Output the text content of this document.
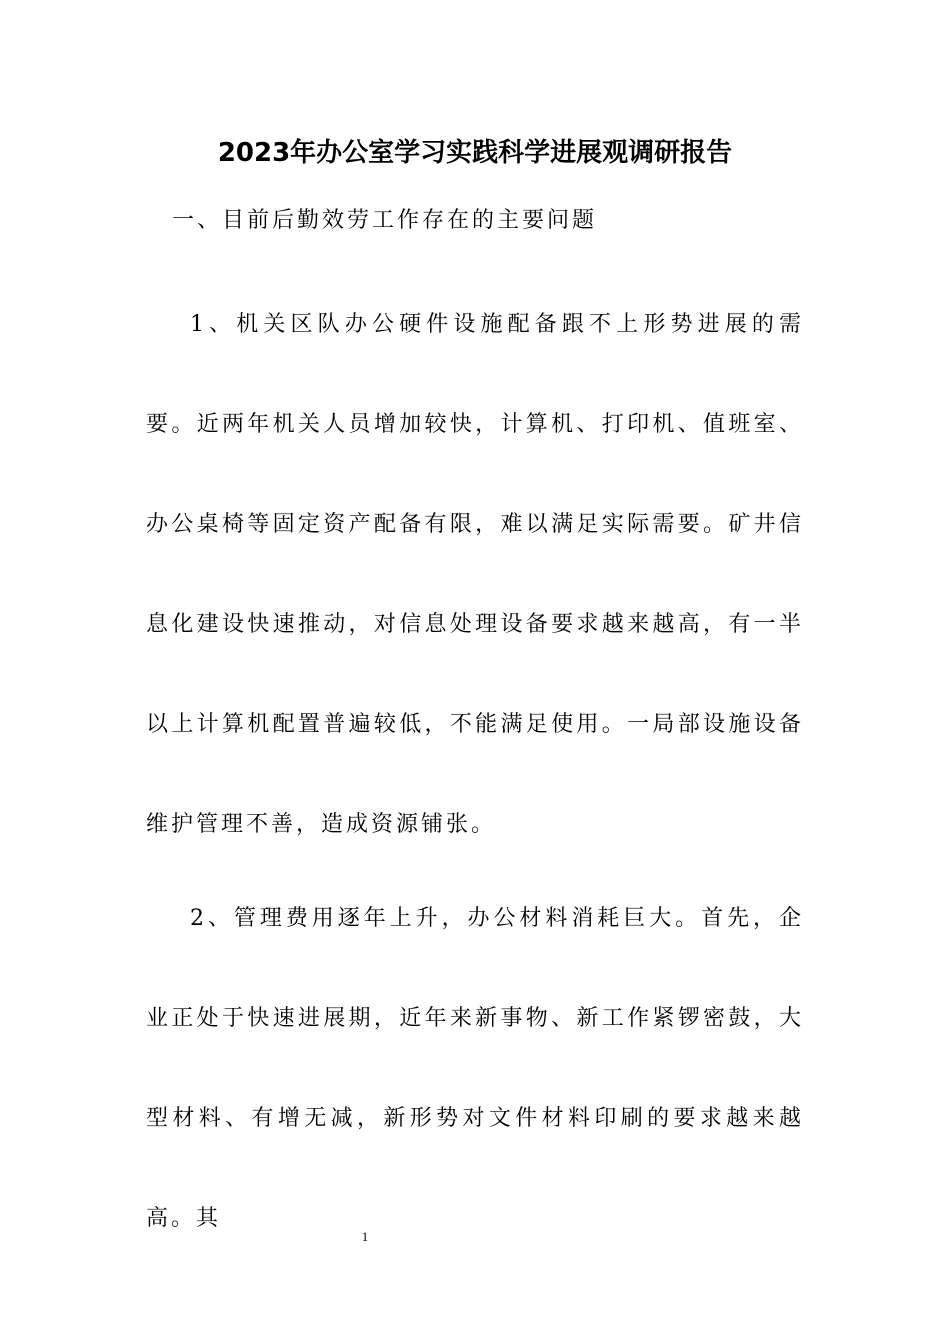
2023年办公室学习实践科学进展观调研报告
一、目前后勤效劳工作存在的主要问题

1、机关区队办公硬件设施配备跟不上形势进展的需要。近两年机关人员增加较快，计算机、打印机、值班室、办公桌椅等固定资产配备有限，难以满足实际需要。矿井信息化建设快速推动，对信息处理设备要求越来越高，有一半以上计算机配置普遍较低，不能满足使用。一局部设施设备维护管理不善，造成资源铺张。

2、管理费用逐年上升，办公材料消耗巨大。首先，企业正处于快速进展期，近年来新事物、新工作紧锣密鼓，大型材料、有增无减，新形势对文件材料印刷的要求越来越高。其

1
